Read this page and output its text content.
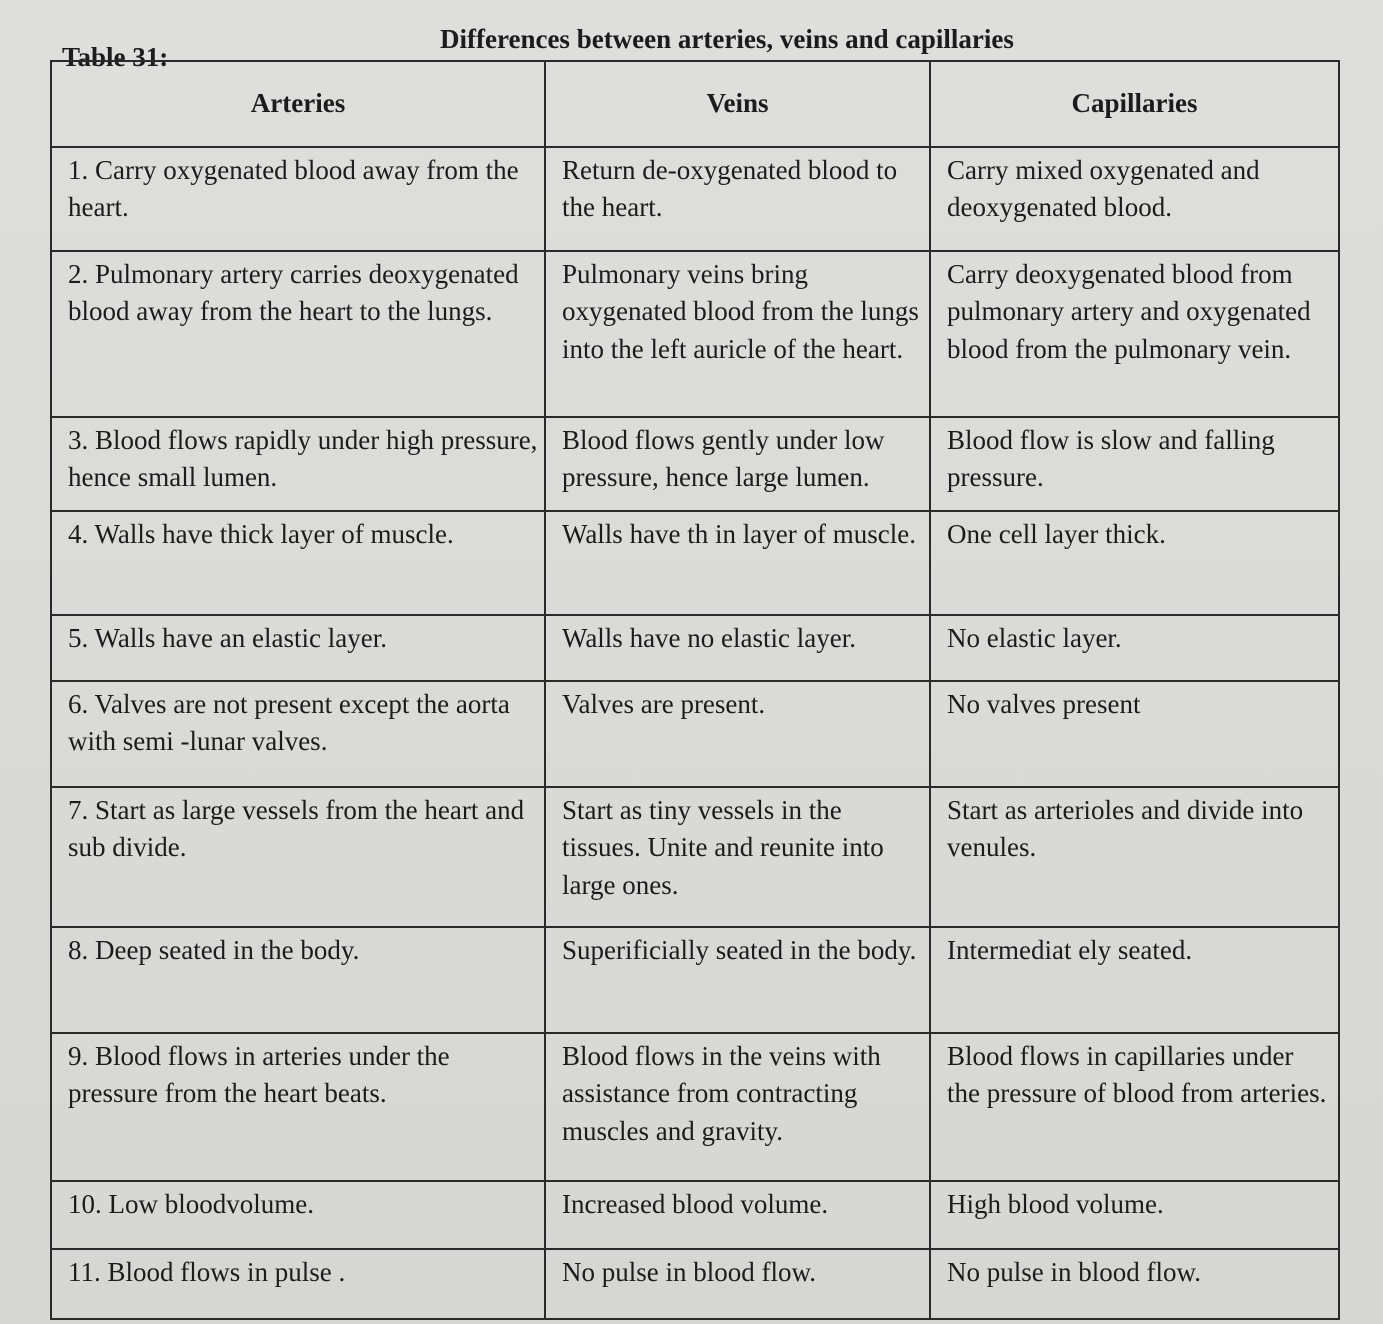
Table 31:
Differences between arteries, veins and capillaries
Arteries	Veins	Capillaries
1. Carry oxygenated blood away from the heart.	Return de-oxygenated blood to the heart.	Carry mixed oxygenated and deoxygenated blood.
2. Pulmonary artery carries deoxygenated blood away from the heart to the lungs.	Pulmonary veins bring oxygenated blood from the lungs into the left auricle of the heart.	Carry deoxygenated blood from pulmonary artery and oxygenated blood from the pulmonary vein.
3. Blood flows rapidly under high pressure, hence small lumen.	Blood flows gently under low pressure, hence large lumen.	Blood flow is slow and falling pressure.
4. Walls have thick layer of muscle.	Walls have th in layer of muscle.	One cell layer thick.
5. Walls have an elastic layer.	Walls have no elastic layer.	No elastic layer.
6. Valves are not present except the aorta with semi -lunar valves.	Valves are present.	No valves present
7. Start as large vessels from the heart and sub divide.	Start as tiny vessels in the tissues. Unite and reunite into large ones.	Start as arterioles and divide into venules.
8. Deep seated in the body.	Superificially seated in the body.	Intermediat ely seated.
9. Blood flows in arteries under the pressure from the heart beats.	Blood flows in the veins with assistance from contracting muscles and gravity.	Blood flows in capillaries under the pressure of blood from arteries.
10. Low bloodvolume.	Increased blood volume.	High blood volume.
11. Blood flows in pulse .	No pulse in blood flow.	No pulse in blood flow.
